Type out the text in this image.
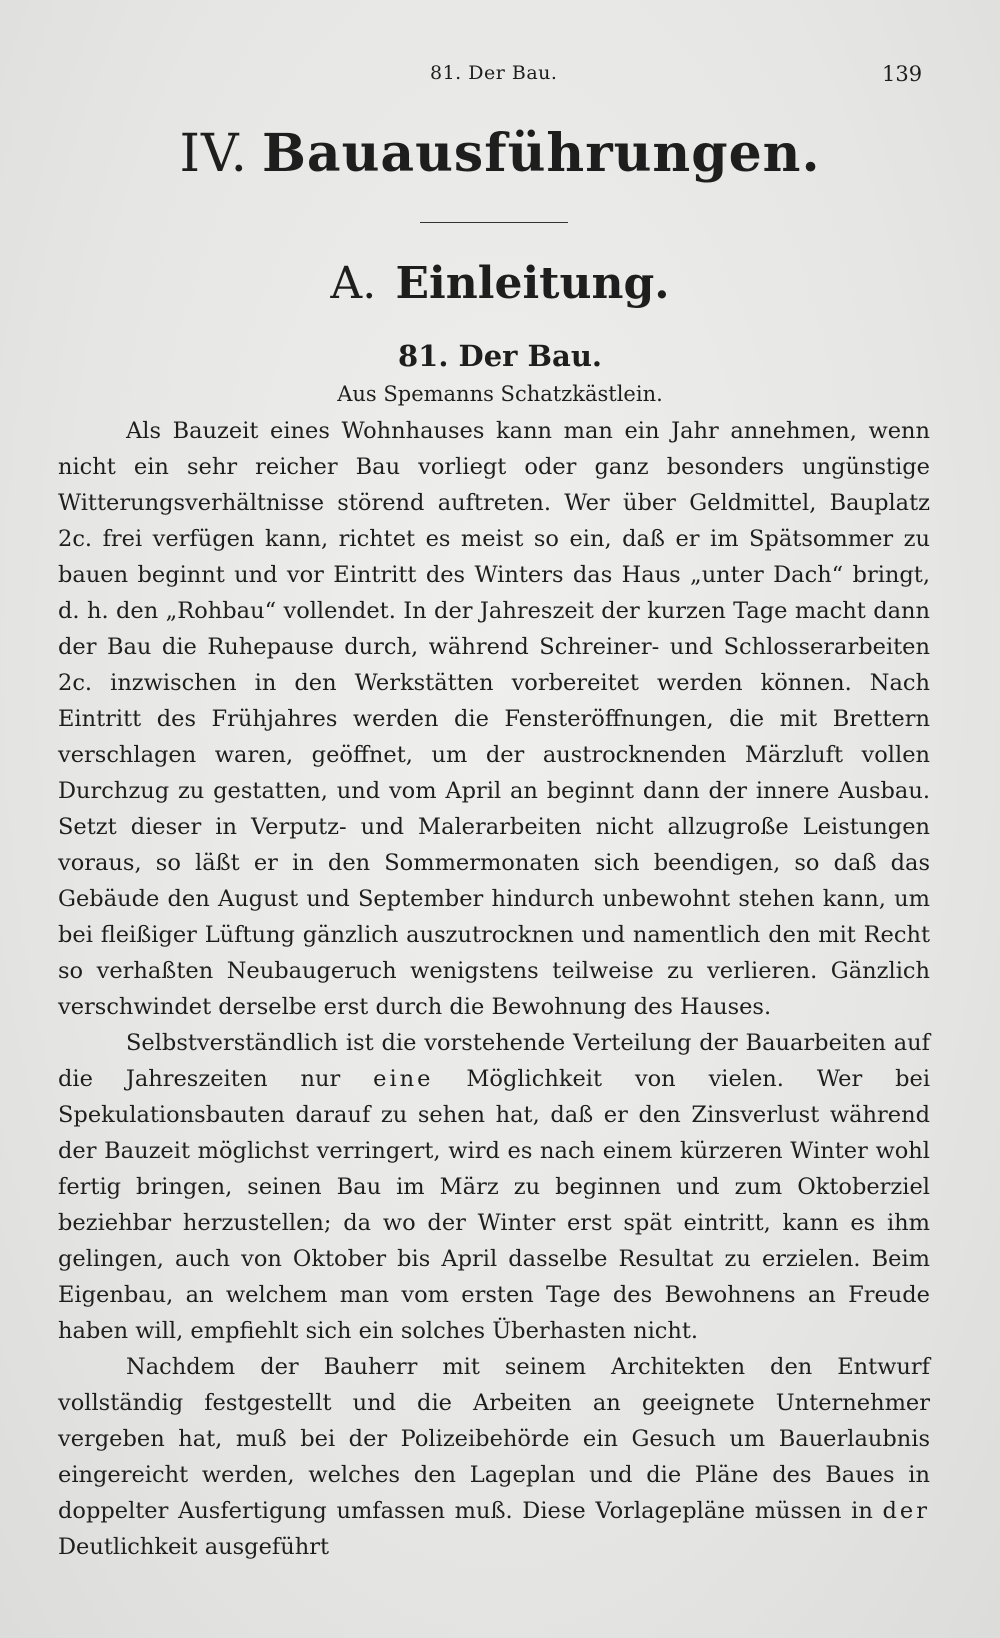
81. Der Bau.	139
IV. Bauausführungen.
A. Einleitung.
81. Der Bau.
Aus Spemanns Schatzkästlein.

Als Bauzeit eines Wohnhauses kann man ein Jahr annehmen, wenn nicht ein sehr reicher Bau vorliegt oder ganz besonders ungünstige Witterungsverhältnisse störend auftreten. Wer über Geldmittel, Bauplatz 2c. frei verfügen kann, richtet es meist so ein, daß er im Spätsommer zu bauen beginnt und vor Eintritt des Winters das Haus „unter Dach“ bringt, d. h. den „Rohbau“ vollendet. In der Jahreszeit der kurzen Tage macht dann der Bau die Ruhepause durch, während Schreiner- und Schlosserarbeiten 2c. inzwischen in den Werkstätten vorbereitet werden können. Nach Eintritt des Frühjahres werden die Fensteröffnungen, die mit Brettern verschlagen waren, geöffnet, um der austrocknenden Märzluft vollen Durchzug zu gestatten, und vom April an beginnt dann der innere Ausbau. Setzt dieser in Verputz- und Malerarbeiten nicht allzugroße Leistungen voraus, so läßt er in den Sommermonaten sich beendigen, so daß das Gebäude den August und September hindurch unbewohnt stehen kann, um bei fleißiger Lüftung gänzlich auszutrocknen und namentlich den mit Recht so verhaßten Neubaugeruch wenigstens teilweise zu verlieren. Gänzlich verschwindet derselbe erst durch die Bewohnung des Hauses.

Selbstverständlich ist die vorstehende Verteilung der Bauarbeiten auf die Jahreszeiten nur eine Möglichkeit von vielen. Wer bei Spekulationsbauten darauf zu sehen hat, daß er den Zinsverlust während der Bauzeit möglichst verringert, wird es nach einem kürzeren Winter wohl fertig bringen, seinen Bau im März zu beginnen und zum Oktoberziel beziehbar herzustellen; da wo der Winter erst spät eintritt, kann es ihm gelingen, auch von Oktober bis April dasselbe Resultat zu erzielen. Beim Eigenbau, an welchem man vom ersten Tage des Bewohnens an Freude haben will, empfiehlt sich ein solches Überhasten nicht.

Nachdem der Bauherr mit seinem Architekten den Entwurf vollständig festgestellt und die Arbeiten an geeignete Unternehmer vergeben hat, muß bei der Polizeibehörde ein Gesuch um Bauerlaubnis eingereicht werden, welches den Lageplan und die Pläne des Baues in doppelter Ausfertigung umfassen muß. Diese Vorlagepläne müssen in der Deutlichkeit ausgeführt
